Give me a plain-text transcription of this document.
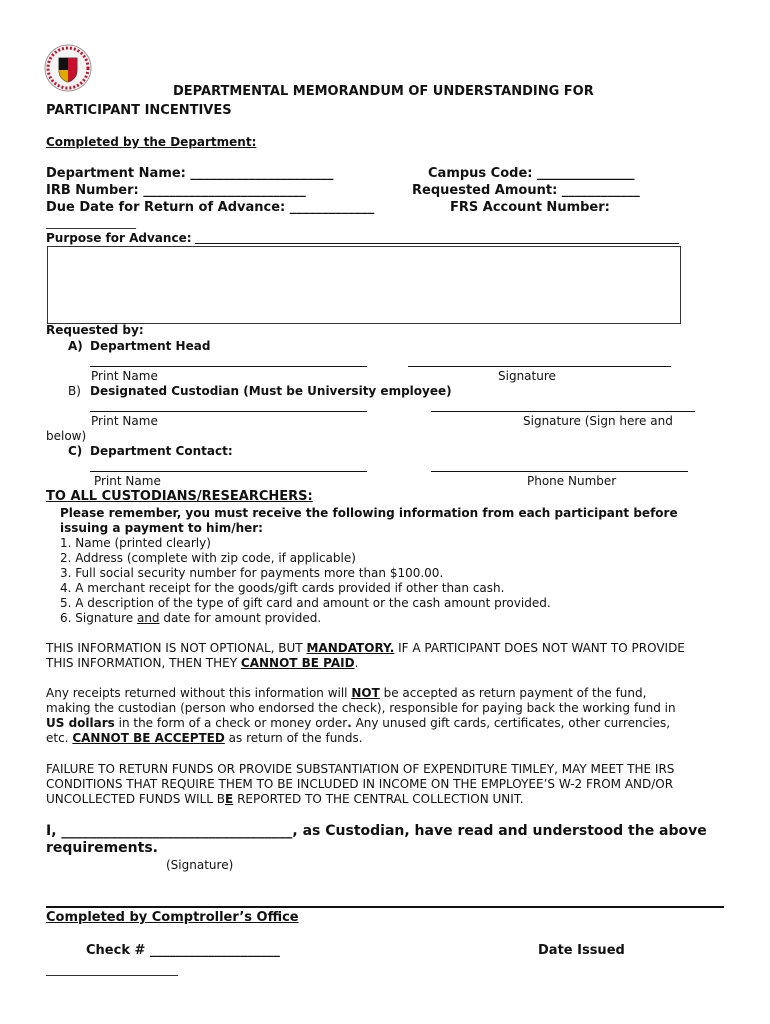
DEPARTMENTAL MEMORANDUM OF UNDERSTANDING FOR
PARTICIPANT INCENTIVES
Completed by the Department:
Department Name: ______________________	Campus Code: _______________
IRB Number: _________________________	Requested Amount: ____________
Due Date for Return of Advance: _____________	FRS Account Number:
_______________
Purpose for Advance:
Requested by:
A) Department Head
Print Name	Signature
B) Designated Custodian (Must be University employee)
Print Name	Signature (Sign here and
below)
C) Department Contact:
Print Name	Phone Number
TO ALL CUSTODIANS/RESEARCHERS:
Please remember, you must receive the following information from each participant before
issuing a payment to him/her:
1. Name (printed clearly)
2. Address (complete with zip code, if applicable)
3. Full social security number for payments more than $100.00.
4. A merchant receipt for the goods/gift cards provided if other than cash.
5. A description of the type of gift card and amount or the cash amount provided.
6. Signature and date for amount provided.
THIS INFORMATION IS NOT OPTIONAL, BUT MANDATORY. IF A PARTICIPANT DOES NOT WANT TO PROVIDE
THIS INFORMATION, THEN THEY CANNOT BE PAID.
Any receipts returned without this information will NOT be accepted as return payment of the fund,
making the custodian (person who endorsed the check), responsible for paying back the working fund in
US dollars in the form of a check or money order. Any unused gift cards, certificates, other currencies,
etc. CANNOT BE ACCEPTED as return of the funds.
FAILURE TO RETURN FUNDS OR PROVIDE SUBSTANTIATION OF EXPENDITURE TIMLEY, MAY MEET THE IRS
CONDITIONS THAT REQUIRE THEM TO BE INCLUDED IN INCOME ON THE EMPLOYEE’S W-2 FROM AND/OR
UNCOLLECTED FUNDS WILL BE REPORTED TO THE CENTRAL COLLECTION UNIT.
I, _________________________________, as Custodian, have read and understood the above
requirements.
(Signature)
Completed by Comptroller’s Office
Check # ____________________	Date Issued
______________________
